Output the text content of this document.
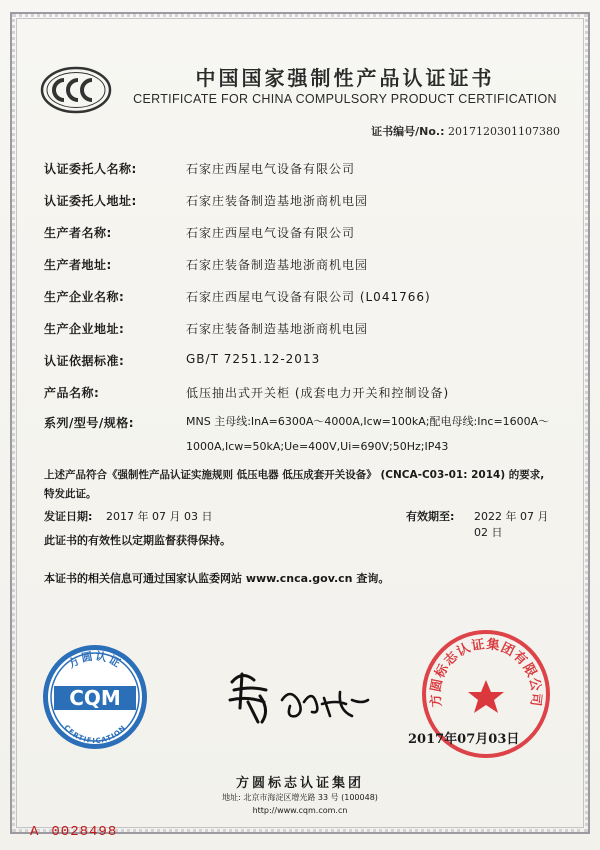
中国国家强制性产品认证证书
CERTIFICATE FOR CHINA COMPULSORY PRODUCT CERTIFICATION
证书编号/No.: 2017120301107380
认证委托人名称:	石家庄西屋电气设备有限公司
认证委托人地址:	石家庄装备制造基地浙商机电园
生产者名称:	石家庄西屋电气设备有限公司
生产者地址:	石家庄装备制造基地浙商机电园
生产企业名称:	石家庄西屋电气设备有限公司 (L041766)
生产企业地址:	石家庄装备制造基地浙商机电园
认证依据标准:	GB/T 7251.12-2013
产品名称:	低压抽出式开关柜 (成套电力开关和控制设备)
系列/型号/规格:	MNS 主母线:InA=6300A～4000A,Icw=100kA;配电母线:Inc=1600A～1000A,Icw=50kA;Ue=400V,Ui=690V;50Hz;IP43
上述产品符合《强制性产品认证实施规则 低压电器 低压成套开关设备》 (CNCA-C03-01: 2014) 的要求,
特发此证。
发证日期: 2017 年 07 月 03 日	有效期至: 2022 年 07 月 02 日
此证书的有效性以定期监督获得保持。
本证书的相关信息可通过国家认监委网站 www.cnca.gov.cn 查询。
方圆认证
CQM
CERTIFICATION
方圆标志认证集团有限公司
2017年07月03日
方圆标志认证集团
地址: 北京市海淀区增光路 33 号 (100048)
http://www.cqm.com.cn
A 0028498
